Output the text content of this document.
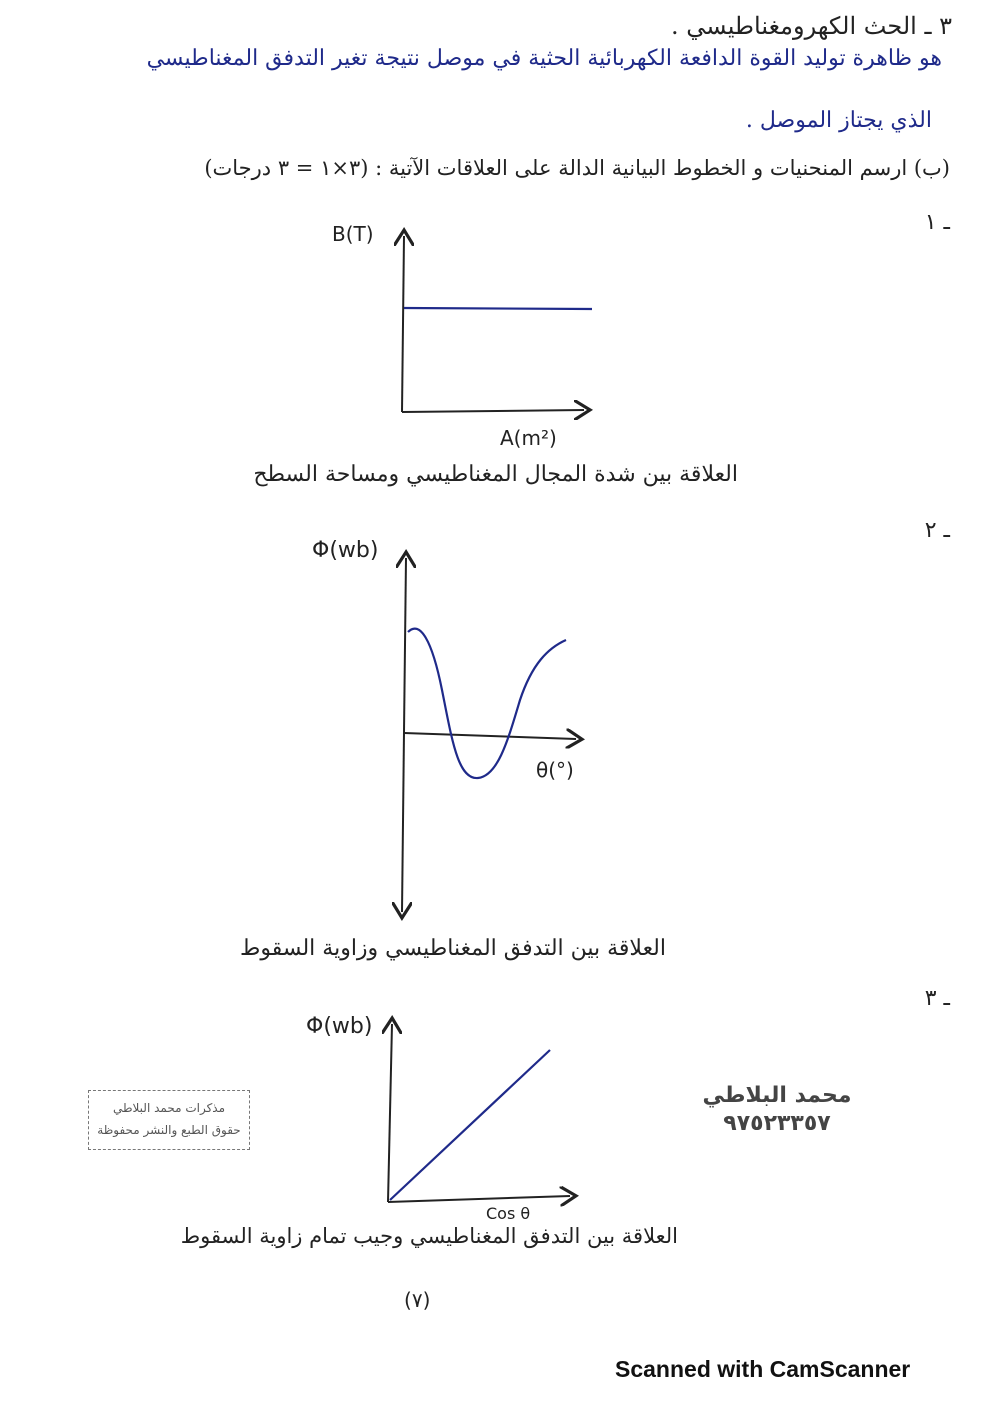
٣ ـ الحث الكهرومغناطيسي .
هو ظاهرة توليد القوة الدافعة الكهربائية الحثية في موصل نتيجة تغير التدفق المغناطيسي
الذي يجتاز الموصل .
(ب) ارسم المنحنيات و الخطوط البيانية الدالة على العلاقات الآتية : (٣×١ = ٣ درجات)
ـ ١
ـ ٢
ـ ٣
B(T)
A(m²)
Φ(wb)
θ(°)
Φ(wb)
Cos θ
العلاقة بين شدة المجال المغناطيسي ومساحة السطح
العلاقة بين التدفق المغناطيسي وزاوية السقوط
العلاقة بين التدفق المغناطيسي وجيب تمام زاوية السقوط
مذكرات محمد البلاطي
حقوق الطبع والنشر محفوظة
محمد البلاطي
٩٧٥٢٣٣٥٧
(٧)
Scanned with CamScanner
